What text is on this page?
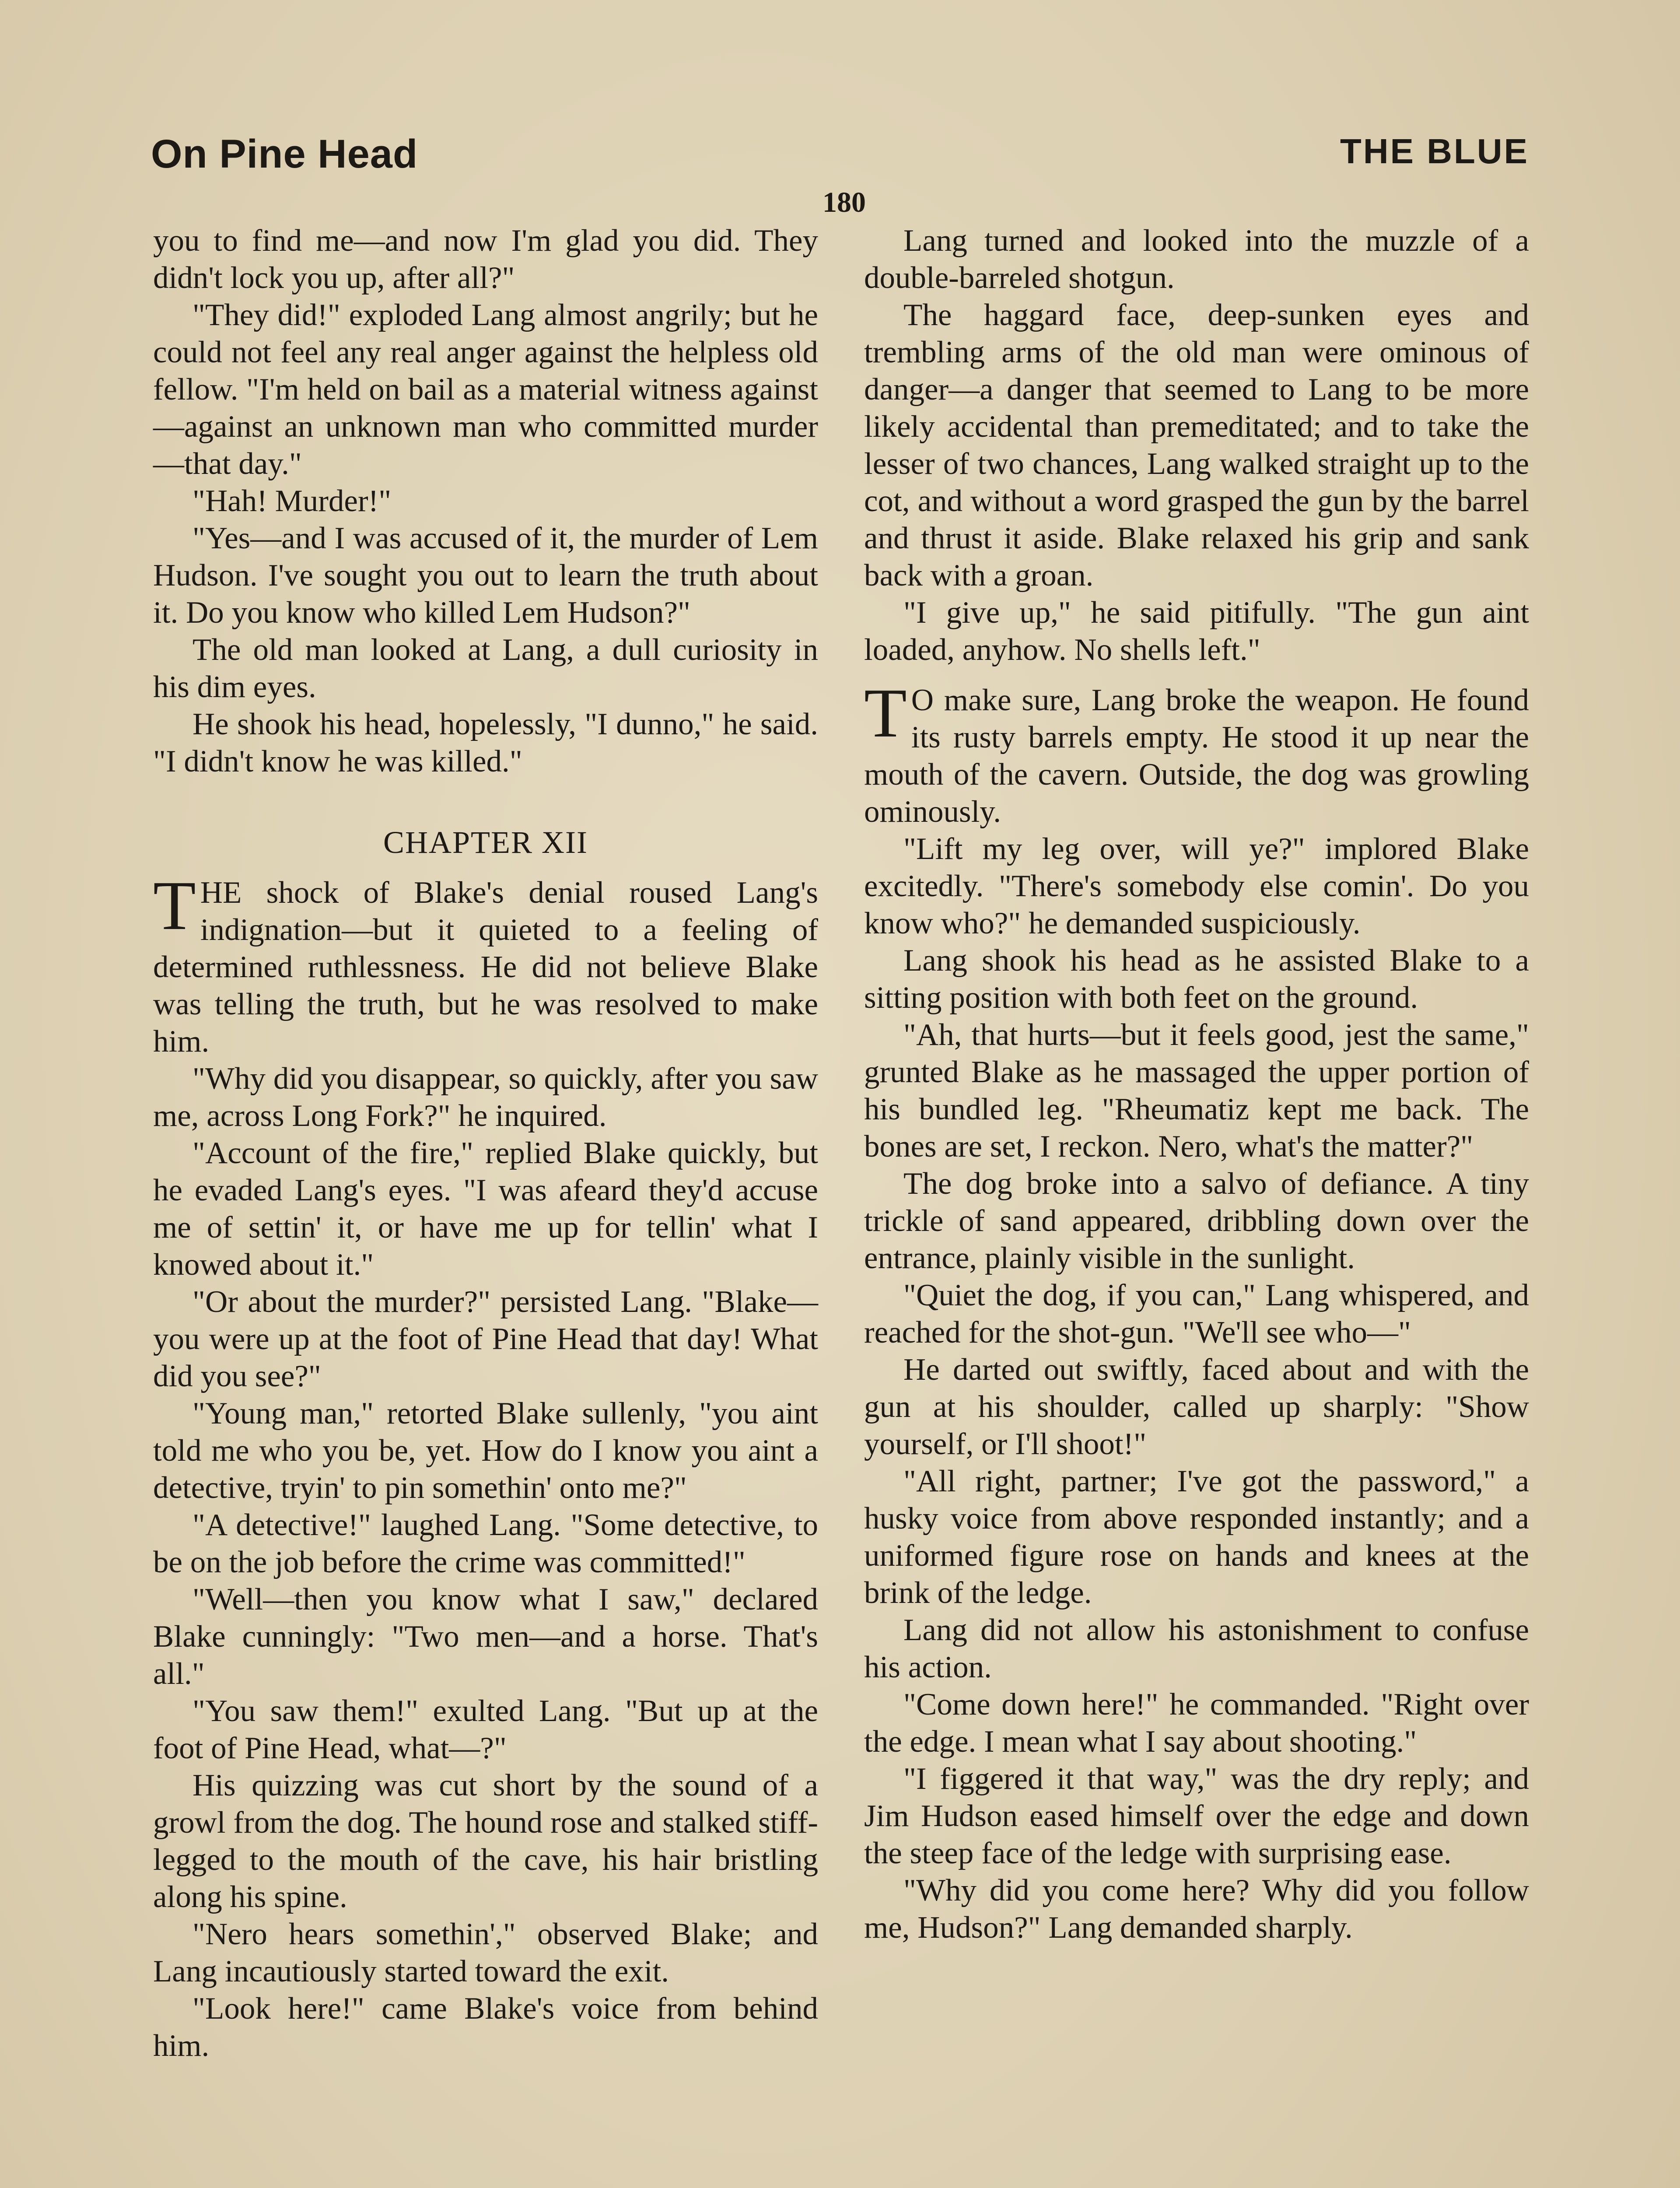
On Pine Head	THE BLUE
180

you to find me—and now I'm glad you did. They didn't lock you up, after all?"

"They did!" exploded Lang almost angrily; but he could not feel any real anger against the helpless old fellow. "I'm held on bail as a material witness against—against an unknown man who committed murder—that day."

"Hah! Murder!"

"Yes—and I was accused of it, the murder of Lem Hudson. I've sought you out to learn the truth about it. Do you know who killed Lem Hudson?"

The old man looked at Lang, a dull curiosity in his dim eyes.

He shook his head, hopelessly, "I dunno," he said. "I didn't know he was killed."

CHAPTER XII

THE shock of Blake's denial roused Lang's indignation—but it quieted to a feeling of determined ruthlessness. He did not believe Blake was telling the truth, but he was resolved to make him.

"Why did you disappear, so quickly, after you saw me, across Long Fork?" he inquired.

"Account of the fire," replied Blake quickly, but he evaded Lang's eyes. "I was afeard they'd accuse me of settin' it, or have me up for tellin' what I knowed about it."

"Or about the murder?" persisted Lang. "Blake—you were up at the foot of Pine Head that day! What did you see?"

"Young man," retorted Blake sullenly, "you aint told me who you be, yet. How do I know you aint a detective, tryin' to pin somethin' onto me?"

"A detective!" laughed Lang. "Some detective, to be on the job before the crime was committed!"

"Well—then you know what I saw," declared Blake cunningly: "Two men—and a horse. That's all."

"You saw them!" exulted Lang. "But up at the foot of Pine Head, what—?"

His quizzing was cut short by the sound of a growl from the dog. The hound rose and stalked stiff-legged to the mouth of the cave, his hair bristling along his spine.

"Nero hears somethin'," observed Blake; and Lang incautiously started toward the exit.

"Look here!" came Blake's voice from behind him.

Lang turned and looked into the muzzle of a double-barreled shotgun.

The haggard face, deep-sunken eyes and trembling arms of the old man were ominous of danger—a danger that seemed to Lang to be more likely accidental than premeditated; and to take the lesser of two chances, Lang walked straight up to the cot, and without a word grasped the gun by the barrel and thrust it aside. Blake relaxed his grip and sank back with a groan.

"I give up," he said pitifully. "The gun aint loaded, anyhow. No shells left."

T O make sure, Lang broke the weapon. He found its rusty barrels empty. He stood it up near the mouth of the cavern. Outside, the dog was growling ominously.

"Lift my leg over, will ye?" implored Blake excitedly. "There's somebody else comin'. Do you know who?" he demanded suspiciously.

Lang shook his head as he assisted Blake to a sitting position with both feet on the ground.

"Ah, that hurts—but it feels good, jest the same," grunted Blake as he massaged the upper portion of his bundled leg. "Rheumatiz kept me back. The bones are set, I reckon. Nero, what's the matter?"

The dog broke into a salvo of defiance. A tiny trickle of sand appeared, dribbling down over the entrance, plainly visible in the sunlight.

"Quiet the dog, if you can," Lang whispered, and reached for the shot-gun. "We'll see who—"

He darted out swiftly, faced about and with the gun at his shoulder, called up sharply: "Show yourself, or I'll shoot!"

"All right, partner; I've got the password," a husky voice from above responded instantly; and a uniformed figure rose on hands and knees at the brink of the ledge.

Lang did not allow his astonishment to confuse his action.

"Come down here!" he commanded. "Right over the edge. I mean what I say about shooting."

"I figgered it that way," was the dry reply; and Jim Hudson eased himself over the edge and down the steep face of the ledge with surprising ease.

"Why did you come here? Why did you follow me, Hudson?" Lang demanded sharply.
